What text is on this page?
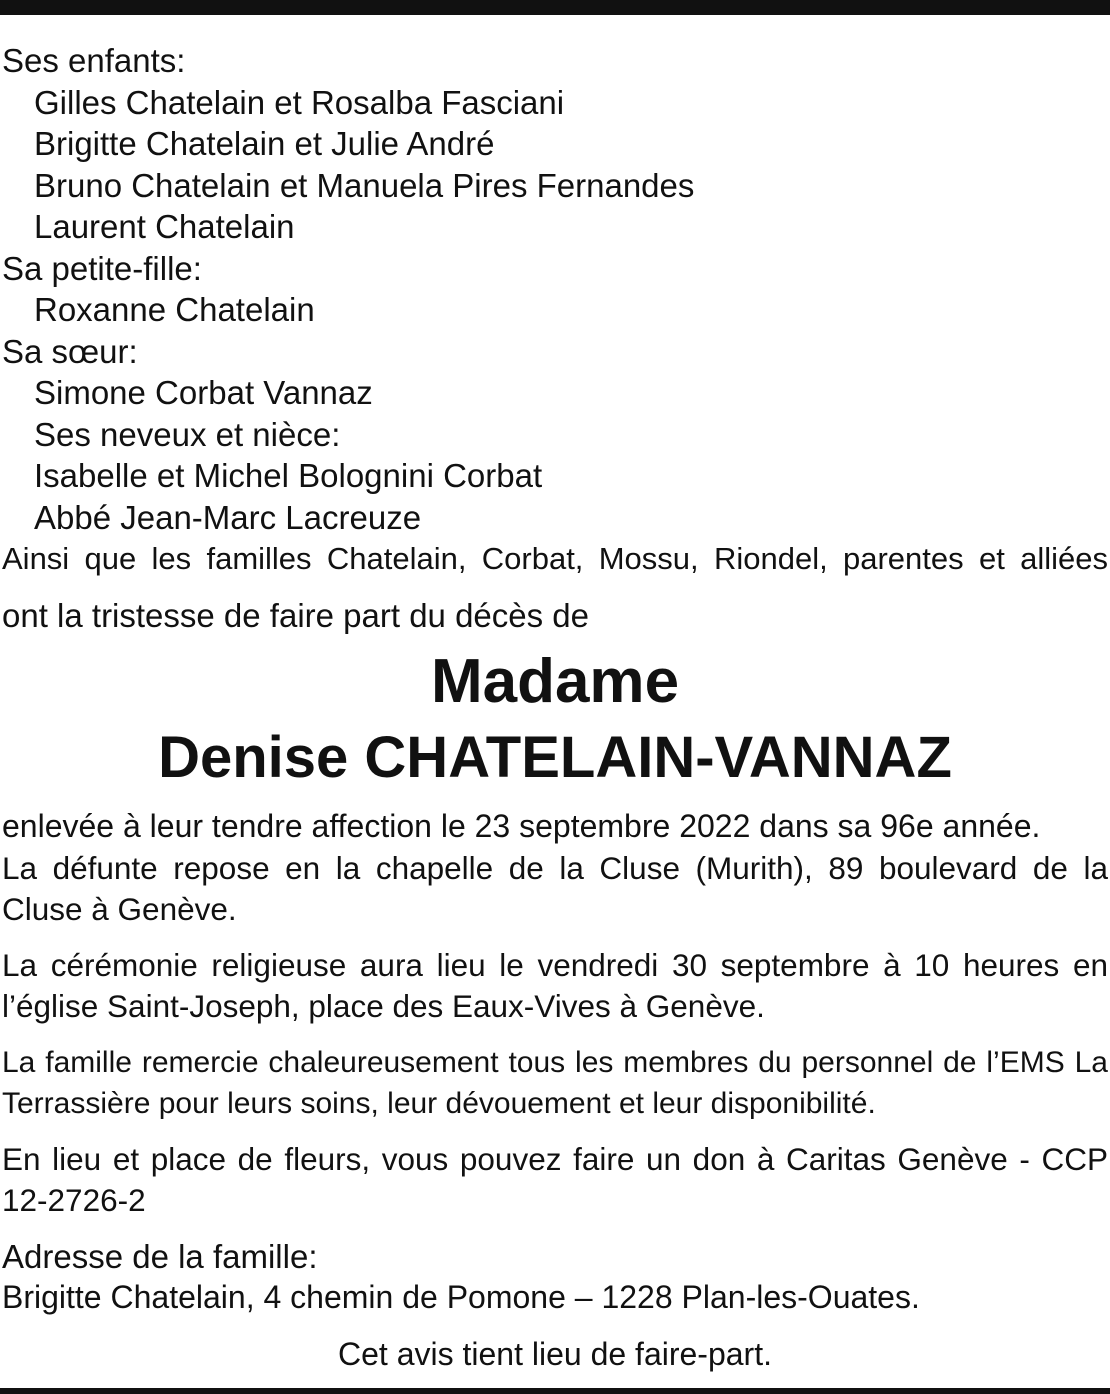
Ses enfants:
Gilles Chatelain et Rosalba Fasciani
Brigitte Chatelain et Julie André
Bruno Chatelain et Manuela Pires Fernandes
Laurent Chatelain
Sa petite-fille:
Roxanne Chatelain
Sa sœur:
Simone Corbat Vannaz
Ses neveux et nièce:
Isabelle et Michel Bolognini Corbat
Abbé Jean-Marc Lacreuze
Ainsi que les familles Chatelain, Corbat, Mossu, Riondel, parentes et alliées
ont la tristesse de faire part du décès de
Madame
Denise CHATELAIN-VANNAZ
enlevée à leur tendre affection le 23 septembre 2022 dans sa 96e année.
La défunte repose en la chapelle de la Cluse (Murith), 89 boulevard de la Cluse à Genève.
La cérémonie religieuse aura lieu le vendredi 30 septembre à 10 heures en l’église Saint-Joseph, place des Eaux-Vives à Genève.
La famille remercie chaleureusement tous les membres du personnel de l’EMS La Terrassière pour leurs soins, leur dévouement et leur disponibilité.
En lieu et place de fleurs, vous pouvez faire un don à Caritas Genève - CCP 12-2726-2
Adresse de la famille:
Brigitte Chatelain, 4 chemin de Pomone – 1228 Plan-les-Ouates.
Cet avis tient lieu de faire-part.
